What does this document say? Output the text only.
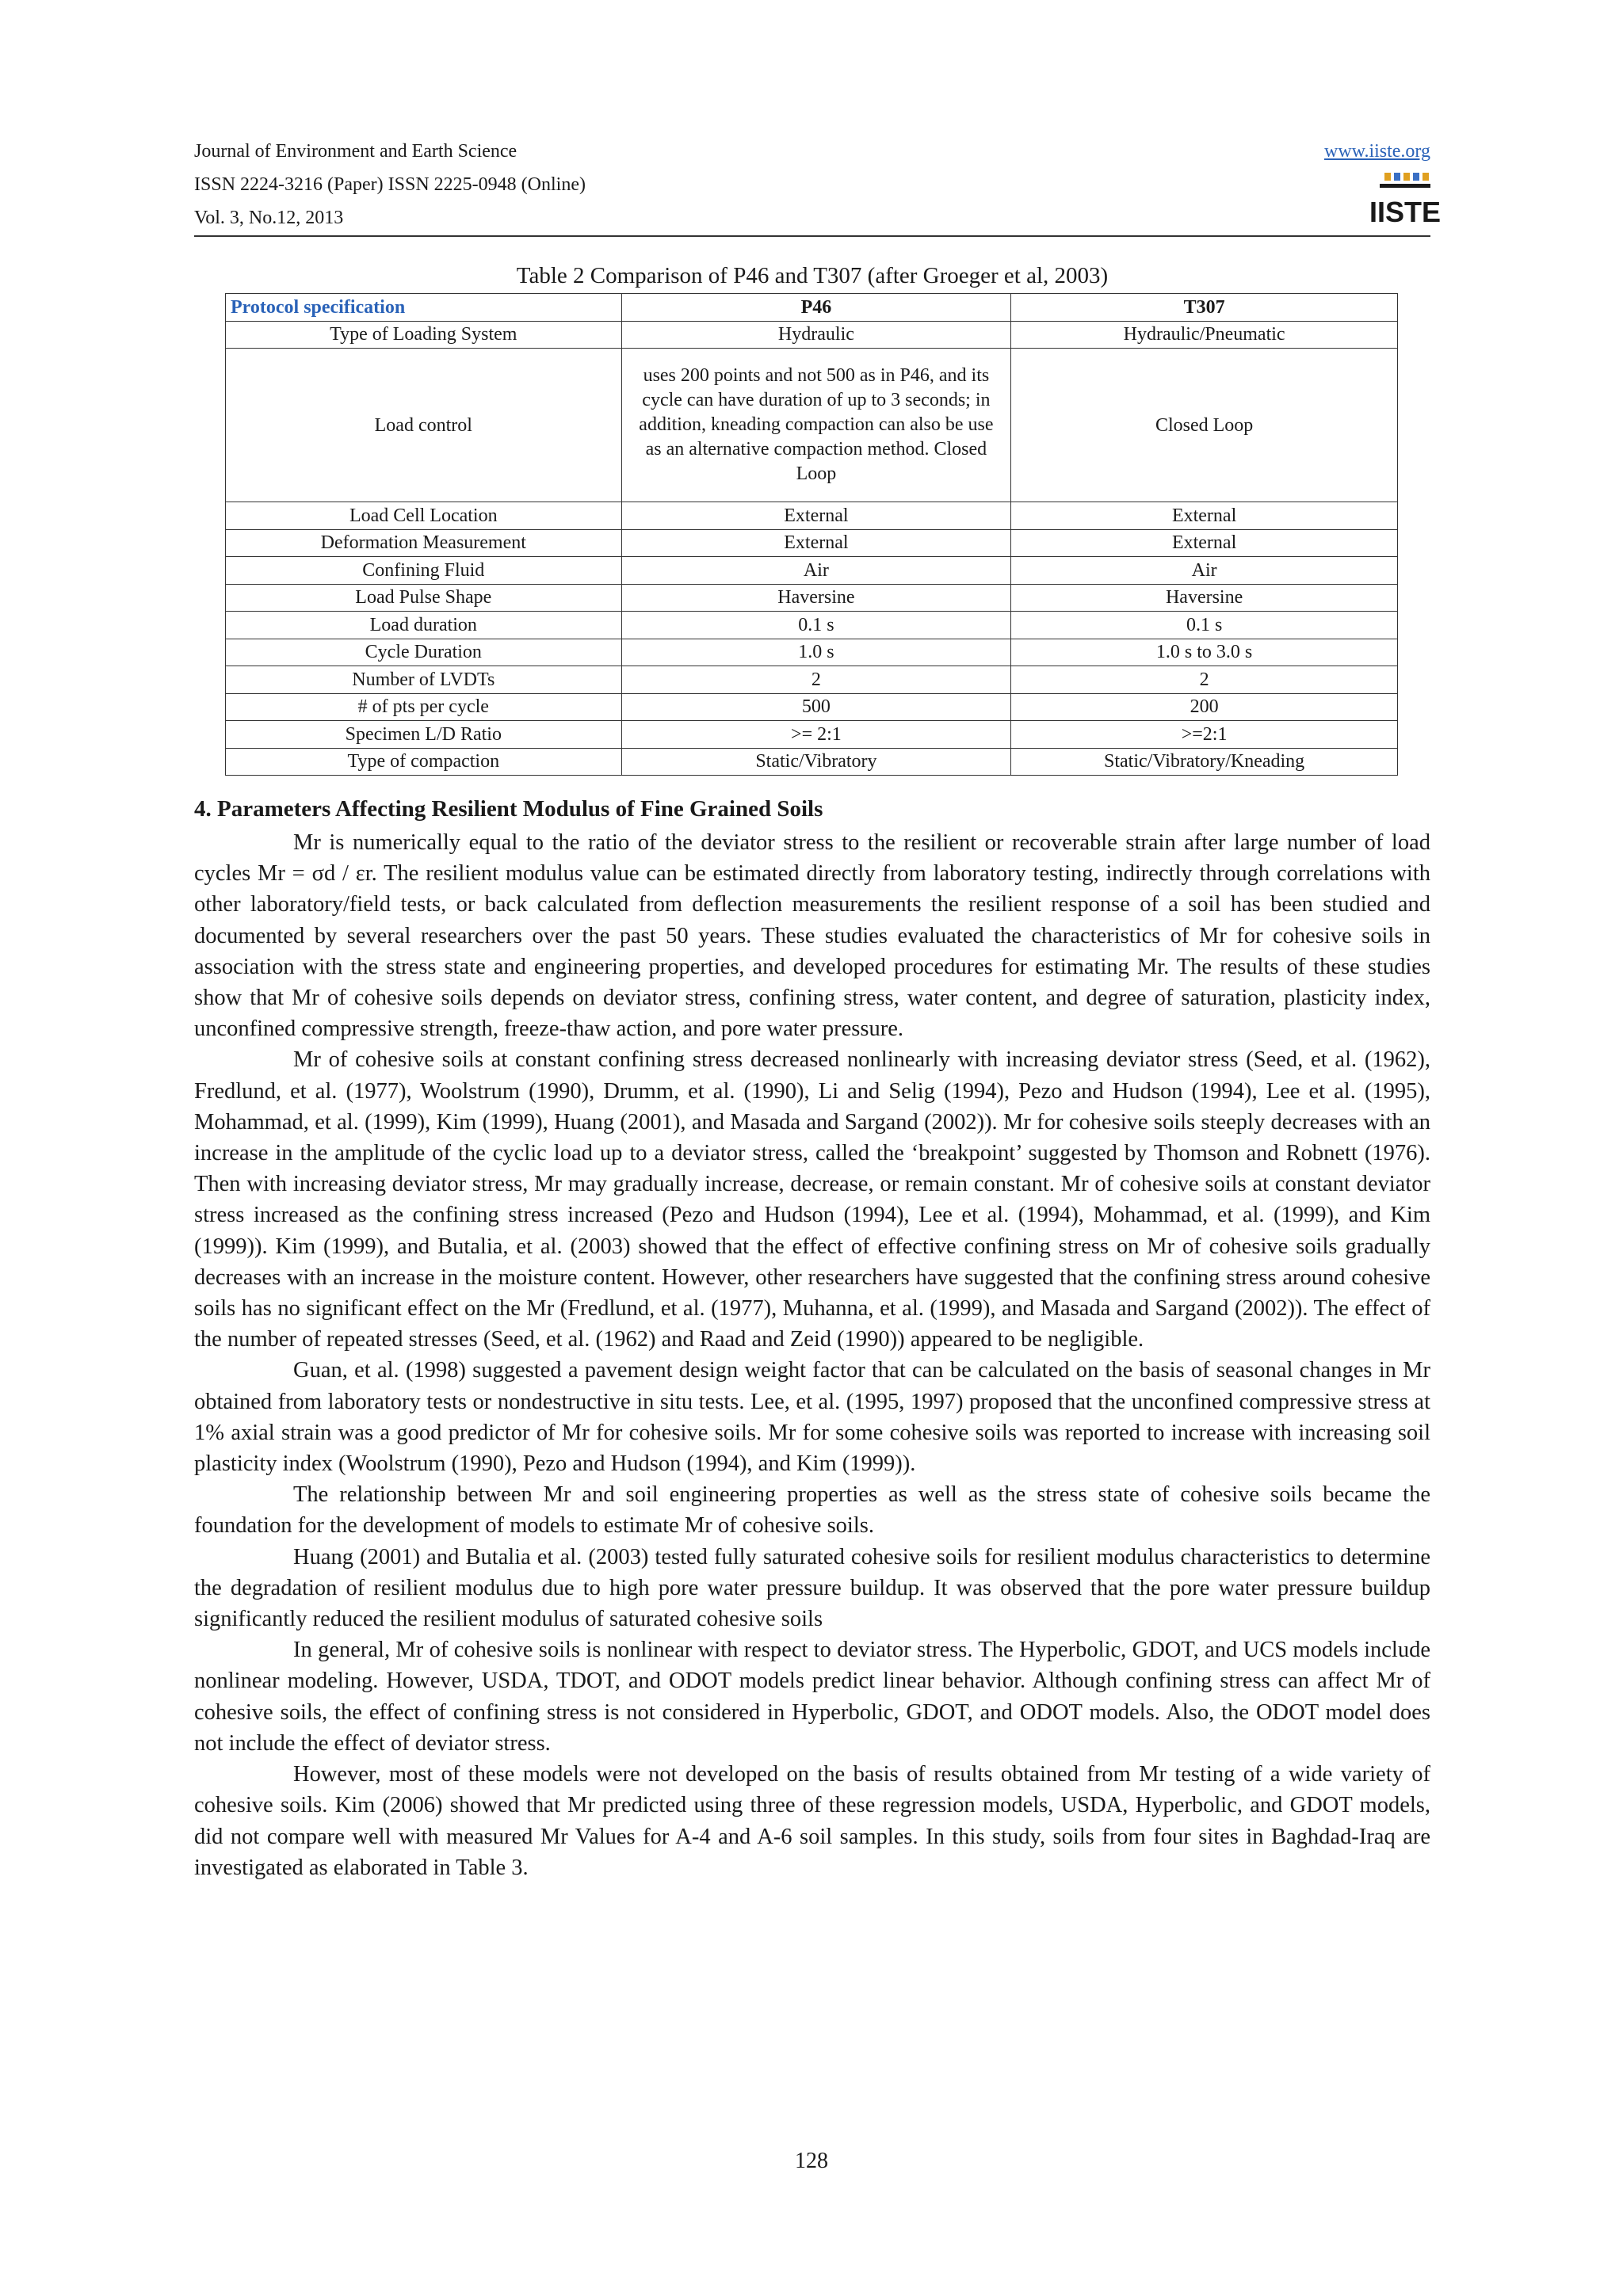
Journal of Environment and Earth Science
ISSN 2224-3216 (Paper) ISSN 2225-0948 (Online)
Vol. 3, No.12, 2013
www.iiste.org
IISTE
Table 2 Comparison of P46 and T307 (after Groeger et al, 2003)
Protocol specification	P46	T307
Type of Loading System	Hydraulic	Hydraulic/Pneumatic
Load control	uses 200 points and not 500 as in P46, and its cycle can have duration of up to 3 seconds; in addition, kneading compaction can also be use as an alternative compaction method. Closed Loop	Closed Loop
Load Cell Location	External	External
Deformation Measurement	External	External
Confining Fluid	Air	Air
Load Pulse Shape	Haversine	Haversine
Load duration	0.1 s	0.1 s
Cycle Duration	1.0 s	1.0 s to 3.0 s
Number of LVDTs	2	2
# of pts per cycle	500	200
Specimen L/D Ratio	>= 2:1	>=2:1
Type of compaction	Static/Vibratory	Static/Vibratory/Kneading
4. Parameters Affecting Resilient Modulus of Fine Grained Soils

Mr is numerically equal to the ratio of the deviator stress to the resilient or recoverable strain after large number of load cycles Mr = σd / εr. The resilient modulus value can be estimated directly from laboratory testing, indirectly through correlations with other laboratory/field tests, or back calculated from deflection measurements the resilient response of a soil has been studied and documented by several researchers over the past 50 years. These studies evaluated the characteristics of Mr for cohesive soils in association with the stress state and engineering properties, and developed procedures for estimating Mr. The results of these studies show that Mr of cohesive soils depends on deviator stress, confining stress, water content, and degree of saturation, plasticity index, unconfined compressive strength, freeze-thaw action, and pore water pressure.

Mr of cohesive soils at constant confining stress decreased nonlinearly with increasing deviator stress (Seed, et al. (1962), Fredlund, et al. (1977), Woolstrum (1990), Drumm, et al. (1990), Li and Selig (1994), Pezo and Hudson (1994), Lee et al. (1995), Mohammad, et al. (1999), Kim (1999), Huang (2001), and Masada and Sargand (2002)). Mr for cohesive soils steeply decreases with an increase in the amplitude of the cyclic load up to a deviator stress, called the ‘breakpoint’ suggested by Thomson and Robnett (1976). Then with increasing deviator stress, Mr may gradually increase, decrease, or remain constant. Mr of cohesive soils at constant deviator stress increased as the confining stress increased (Pezo and Hudson (1994), Lee et al. (1994), Mohammad, et al. (1999), and Kim (1999)). Kim (1999), and Butalia, et al. (2003) showed that the effect of effective confining stress on Mr of cohesive soils gradually decreases with an increase in the moisture content. However, other researchers have suggested that the confining stress around cohesive soils has no significant effect on the Mr (Fredlund, et al. (1977), Muhanna, et al. (1999), and Masada and Sargand (2002)). The effect of the number of repeated stresses (Seed, et al. (1962) and Raad and Zeid (1990)) appeared to be negligible.

Guan, et al. (1998) suggested a pavement design weight factor that can be calculated on the basis of seasonal changes in Mr obtained from laboratory tests or nondestructive in situ tests. Lee, et al. (1995, 1997) proposed that the unconfined compressive stress at 1% axial strain was a good predictor of Mr for cohesive soils. Mr for some cohesive soils was reported to increase with increasing soil plasticity index (Woolstrum (1990), Pezo and Hudson (1994), and Kim (1999)).

The relationship between Mr and soil engineering properties as well as the stress state of cohesive soils became the foundation for the development of models to estimate Mr of cohesive soils.

Huang (2001) and Butalia et al. (2003) tested fully saturated cohesive soils for resilient modulus characteristics to determine the degradation of resilient modulus due to high pore water pressure buildup. It was observed that the pore water pressure buildup significantly reduced the resilient modulus of saturated cohesive soils

In general, Mr of cohesive soils is nonlinear with respect to deviator stress. The Hyperbolic, GDOT, and UCS models include nonlinear modeling. However, USDA, TDOT, and ODOT models predict linear behavior. Although confining stress can affect Mr of cohesive soils, the effect of confining stress is not considered in Hyperbolic, GDOT, and ODOT models. Also, the ODOT model does not include the effect of deviator stress.

However, most of these models were not developed on the basis of results obtained from Mr testing of a wide variety of cohesive soils. Kim (2006) showed that Mr predicted using three of these regression models, USDA, Hyperbolic, and GDOT models, did not compare well with measured Mr Values for A-4 and A-6 soil samples. In this study, soils from four sites in Baghdad-Iraq are investigated as elaborated in Table 3.

128
